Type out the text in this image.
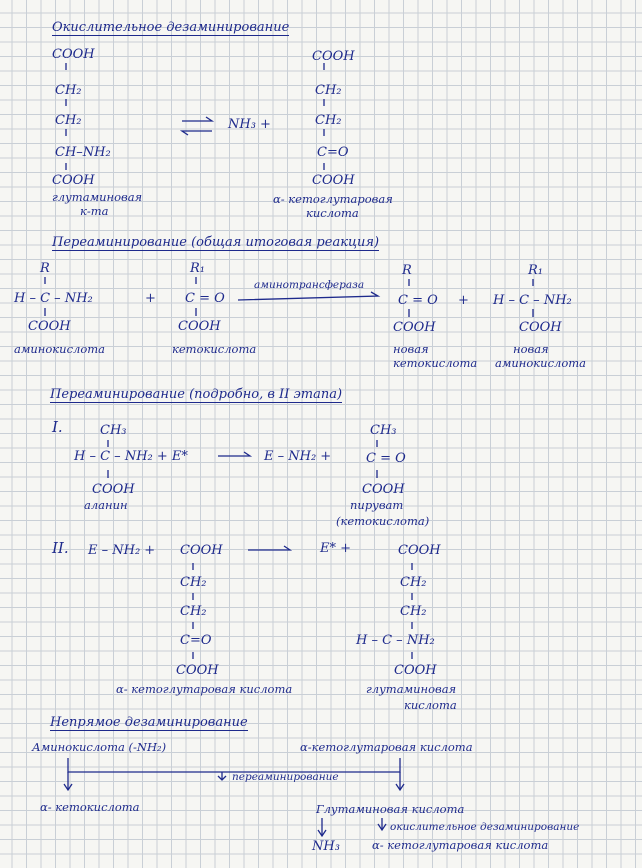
Окислительное дезаминирование
COOH
CH₂
CH₂
CH–NH₂
COOH
глутаминовая
к-та
NH₃ +
COOH
CH₂
CH₂
C=O
COOH
α- кетоглутаровая
кислота
Переаминирование (общая итоговая реакция)
R
H – C – NH₂
COOH
аминокислота
+
R₁
C = O
COOH
кетокислота
аминотрансфераза
R
C = O
COOH
новая
кетокислота
+
R₁
H – C – NH₂
COOH
новая
аминокислота
Переаминирование (подробно, в II этапа)
I.	CH₃
H – C – NH₂ + E*
COOH
аланин
E – NH₂ +
CH₃
C = O
COOH
пируват
(кетокислота)
II. E – NH₂ + COOH
CH₂
CH₂
C=O
COOH
α- кетоглутаровая кислота
E* +	COOH
CH₂
CH₂
H – C – NH₂
COOH
глутаминовая
кислота
Непрямое дезаминирование
Аминокислота (-NH₂)	α-кетоглутаровая кислота
переаминирование
α- кетокислота	Глутаминовая кислота
окислительное дезаминирование
NH₃	α- кетоглутаровая кислота
